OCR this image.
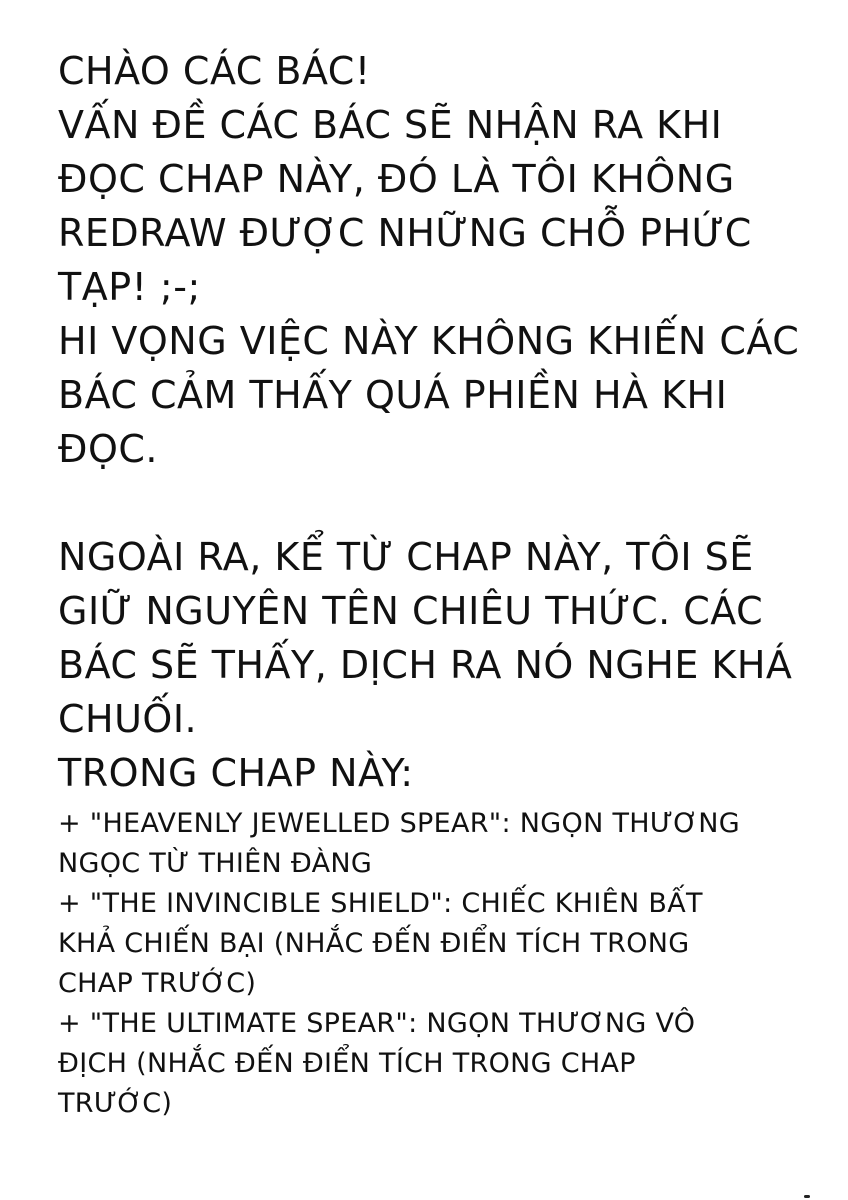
CHÀO CÁC BÁC!
VẤN ĐỀ CÁC BÁC SẼ NHẬN RA KHI
ĐỌC CHAP NÀY, ĐÓ LÀ TÔI KHÔNG
REDRAW ĐƯỢC NHỮNG CHỖ PHỨC
TẠP! ;-;
HI VỌNG VIỆC NÀY KHÔNG KHIẾN CÁC
BÁC CẢM THẤY QUÁ PHIỀN HÀ KHI
ĐỌC.
NGOÀI RA, KỂ TỪ CHAP NÀY, TÔI SẼ
GIỮ NGUYÊN TÊN CHIÊU THỨC. CÁC
BÁC SẼ THẤY, DỊCH RA NÓ NGHE KHÁ
CHUỐI.
TRONG CHAP NÀY:
+ "HEAVENLY JEWELLED SPEAR": NGỌN THƯƠNG
NGỌC TỪ THIÊN ĐÀNG
+ "THE INVINCIBLE SHIELD": CHIẾC KHIÊN BẤT
KHẢ CHIẾN BẠI (NHẮC ĐẾN ĐIỂN TÍCH TRONG
CHAP TRƯỚC)
+ "THE ULTIMATE SPEAR": NGỌN THƯƠNG VÔ
ĐỊCH (NHẮC ĐẾN ĐIỂN TÍCH TRONG CHAP
TRƯỚC)
